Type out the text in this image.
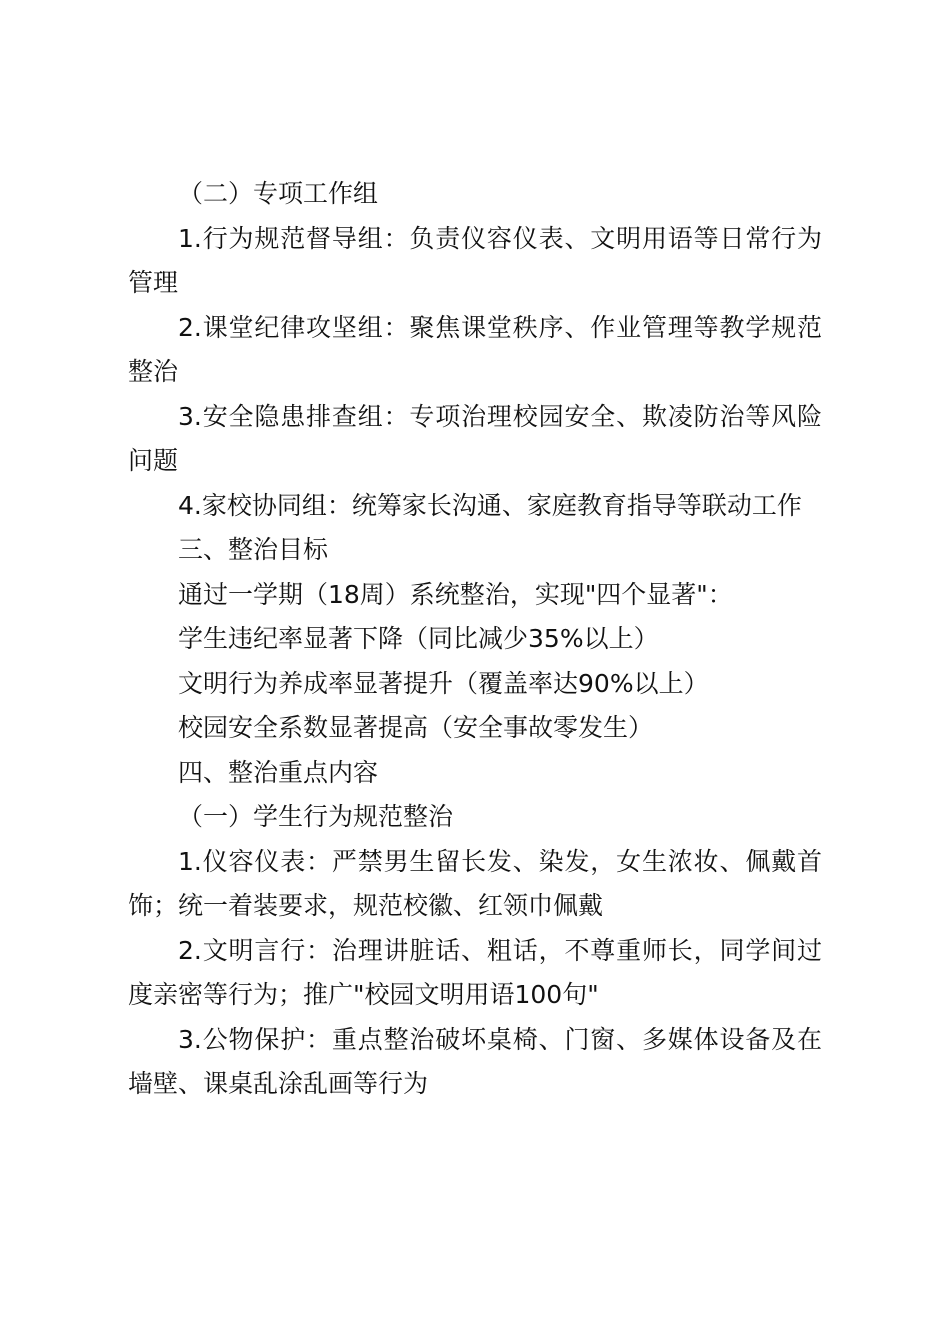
（二）专项工作组

1.行为规范督导组：负责仪容仪表、文明用语等日常行为管理

2.课堂纪律攻坚组：聚焦课堂秩序、作业管理等教学规范整治

3.安全隐患排查组：专项治理校园安全、欺凌防治等风险问题

4.家校协同组：统筹家长沟通、家庭教育指导等联动工作

三、整治目标

通过一学期（18周）系统整治，实现"四个显著"：

学生违纪率显著下降（同比减少35%以上）

文明行为养成率显著提升（覆盖率达90%以上）

校园安全系数显著提高（安全事故零发生）

四、整治重点内容

（一）学生行为规范整治

1.仪容仪表：严禁男生留长发、染发，女生浓妆、佩戴首饰；统一着装要求，规范校徽、红领巾佩戴

2.文明言行：治理讲脏话、粗话，不尊重师长，同学间过度亲密等行为；推广"校园文明用语100句"

3.公物保护：重点整治破坏桌椅、门窗、多媒体设备及在墙壁、课桌乱涂乱画等行为
